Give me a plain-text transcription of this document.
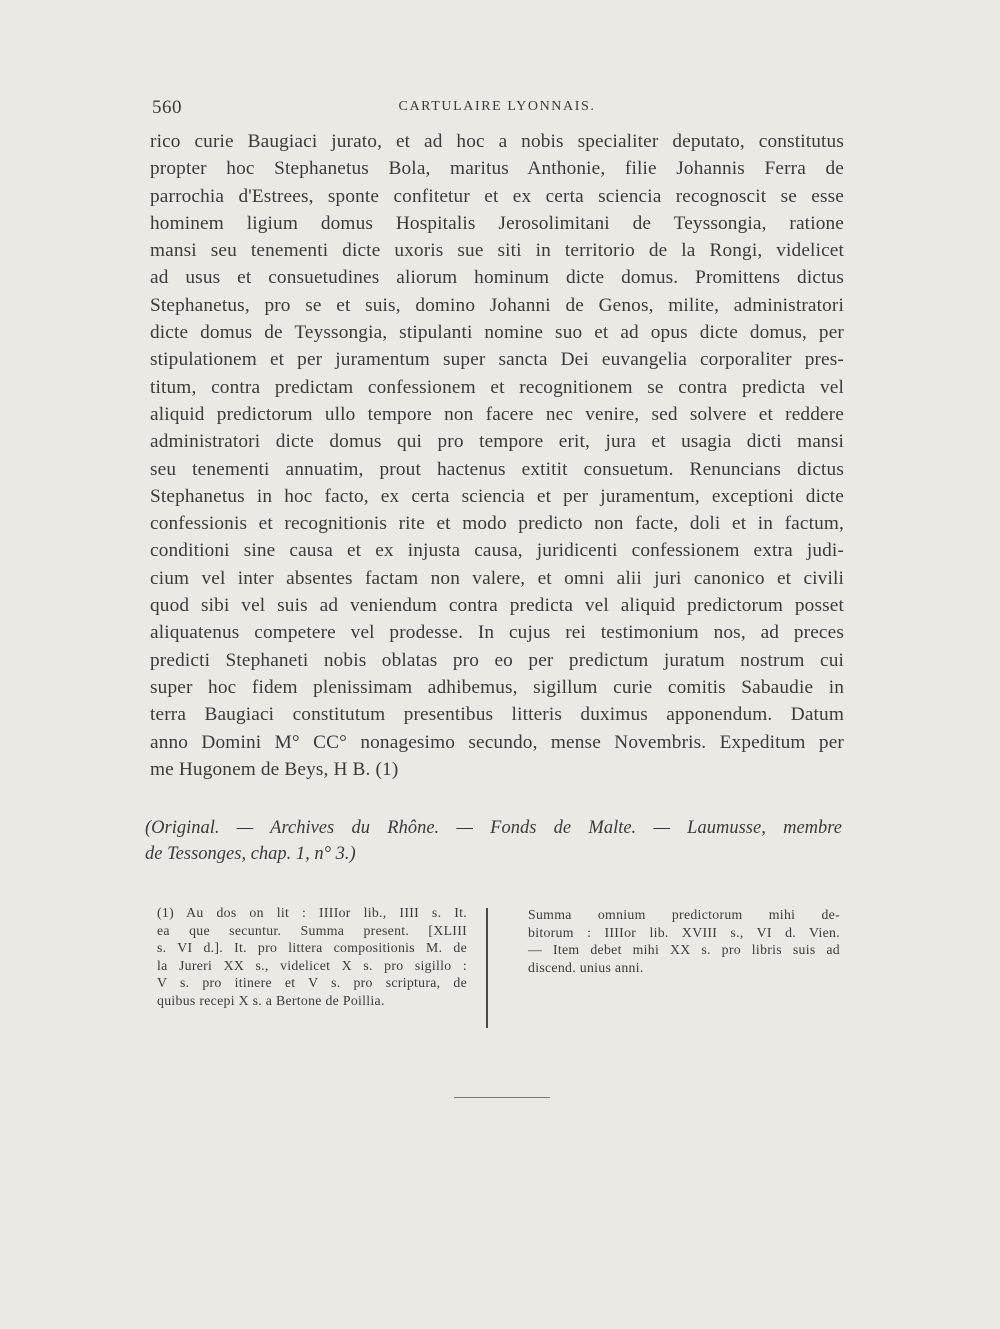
560	CARTULAIRE LYONNAIS.
rico curie Baugiaci jurato, et ad hoc a nobis specialiter deputato, constitutus
propter hoc Stephanetus Bola, maritus Anthonie, filie Johannis Ferra de
parrochia d'Estrees, sponte confitetur et ex certa sciencia recognoscit se esse
hominem ligium domus Hospitalis Jerosolimitani de Teyssongia, ratione
mansi seu tenementi dicte uxoris sue siti in territorio de la Rongi, videlicet
ad usus et consuetudines aliorum hominum dicte domus. Promittens dictus
Stephanetus, pro se et suis, domino Johanni de Genos, milite, administratori
dicte domus de Teyssongia, stipulanti nomine suo et ad opus dicte domus, per
stipulationem et per juramentum super sancta Dei euvangelia corporaliter pres-
titum, contra predictam confessionem et recognitionem se contra predicta vel
aliquid predictorum ullo tempore non facere nec venire, sed solvere et reddere
administratori dicte domus qui pro tempore erit, jura et usagia dicti mansi
seu tenementi annuatim, prout hactenus extitit consuetum. Renuncians dictus
Stephanetus in hoc facto, ex certa sciencia et per juramentum, exceptioni dicte
confessionis et recognitionis rite et modo predicto non facte, doli et in factum,
conditioni sine causa et ex injusta causa, juridicenti confessionem extra judi-
cium vel inter absentes factam non valere, et omni alii juri canonico et civili
quod sibi vel suis ad veniendum contra predicta vel aliquid predictorum posset
aliquatenus competere vel prodesse. In cujus rei testimonium nos, ad preces
predicti Stephaneti nobis oblatas pro eo per predictum juratum nostrum cui
super hoc fidem plenissimam adhibemus, sigillum curie comitis Sabaudie in
terra Baugiaci constitutum presentibus litteris duximus apponendum. Datum
anno Domini M° CC° nonagesimo secundo, mense Novembris. Expeditum per
me Hugonem de Beys, H B. (1)
(Original. — Archives du Rhône. — Fonds de Malte. — Laumusse, membre
de Tessonges, chap. 1, n° 3.)
(1) Au dos on lit : IIIIor lib., IIII s. It.
ea que secuntur. Summa present. [XLIII
s. VI d.]. It. pro littera compositionis M. de
la Jureri XX s., videlicet X s. pro sigillo :
V s. pro itinere et V s. pro scriptura, de
quibus recepi X s. a Bertone de Poillia.
Summa omnium predictorum mihi de-
bitorum : IIIIor lib. XVIII s., VI d. Vien.
— Item debet mihi XX s. pro libris suis ad
discend. unius anni.
